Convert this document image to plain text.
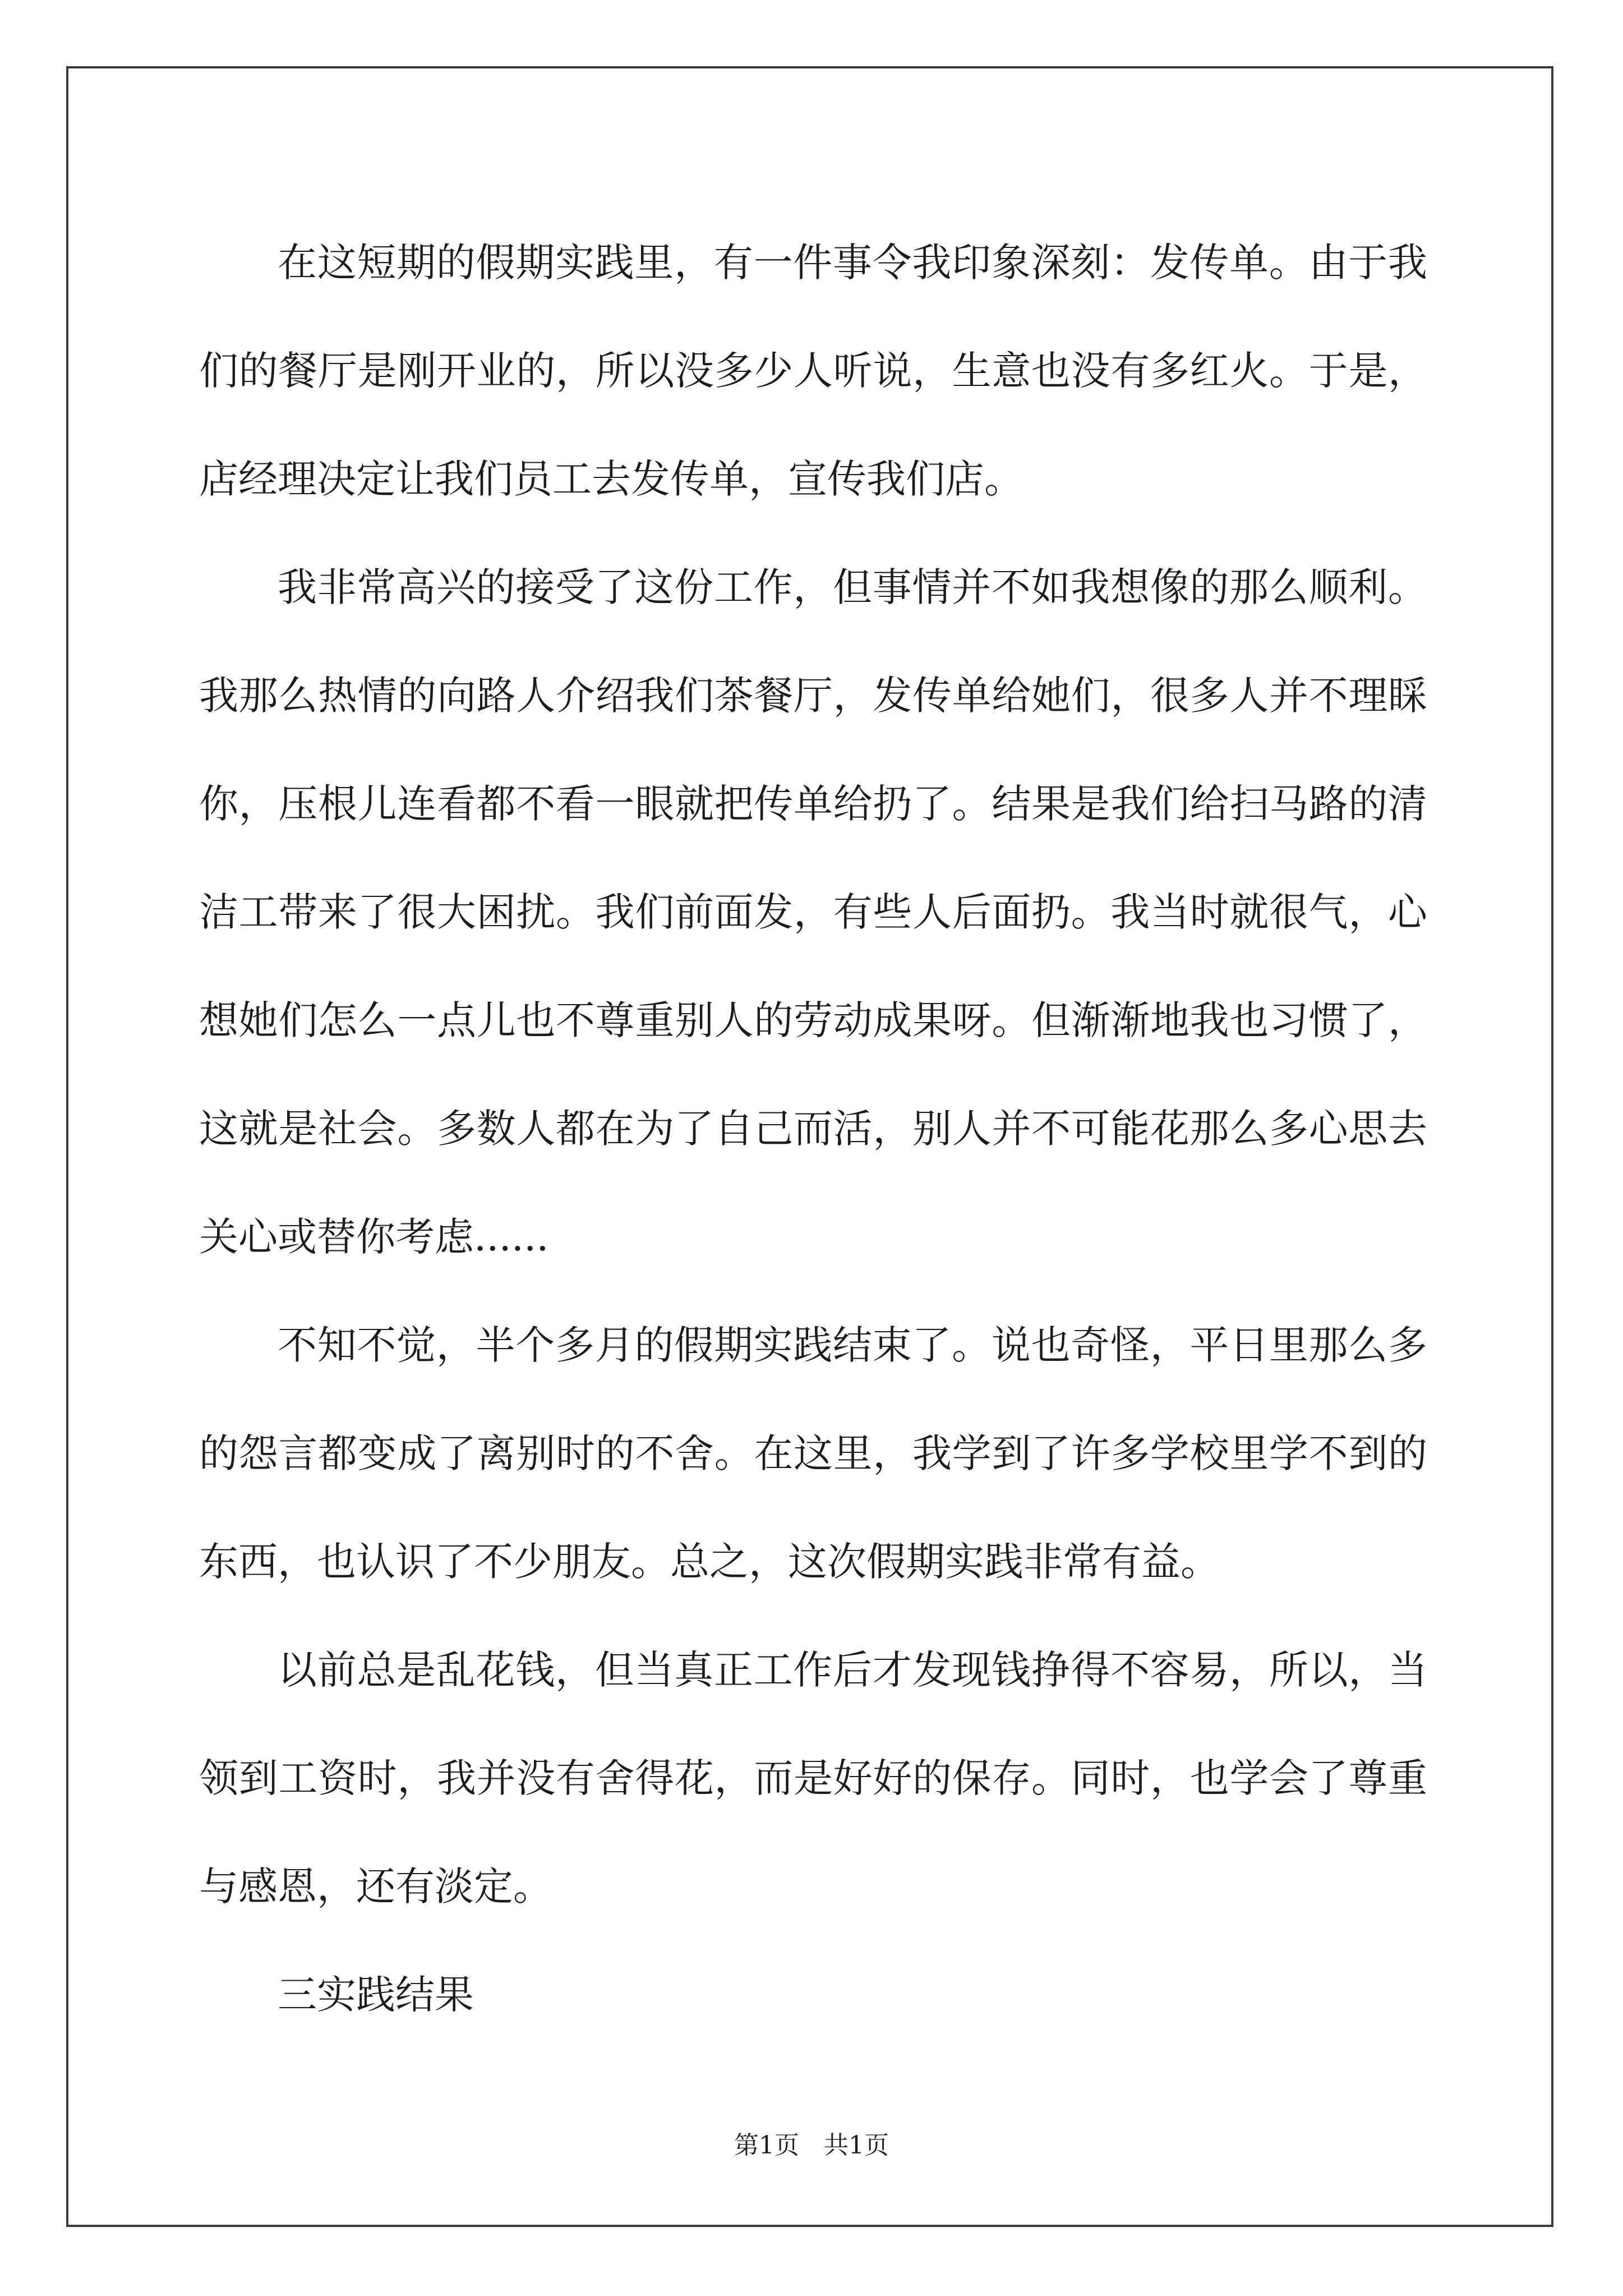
在这短期的假期实践里，有一件事令我印象深刻：发传单。由于我们的餐厅是刚开业的，所以没多少人听说，生意也没有多红火。于是，店经理决定让我们员工去发传单，宣传我们店。

我非常高兴的接受了这份工作，但事情并不如我想像的那么顺利。我那么热情的向路人介绍我们茶餐厅，发传单给她们，很多人并不理睬你，压根儿连看都不看一眼就把传单给扔了。结果是我们给扫马路的清洁工带来了很大困扰。我们前面发，有些人后面扔。我当时就很气，心想她们怎么一点儿也不尊重别人的劳动成果呀。但渐渐地我也习惯了，这就是社会。多数人都在为了自己而活，别人并不可能花那么多心思去关心或替你考虑......

不知不觉，半个多月的假期实践结束了。说也奇怪，平日里那么多的怨言都变成了离别时的不舍。在这里，我学到了许多学校里学不到的东西，也认识了不少朋友。总之，这次假期实践非常有益。

以前总是乱花钱，但当真正工作后才发现钱挣得不容易，所以，当领到工资时，我并没有舍得花，而是好好的保存。同时，也学会了尊重与感恩，还有淡定。

三实践结果

第1页　共1页
